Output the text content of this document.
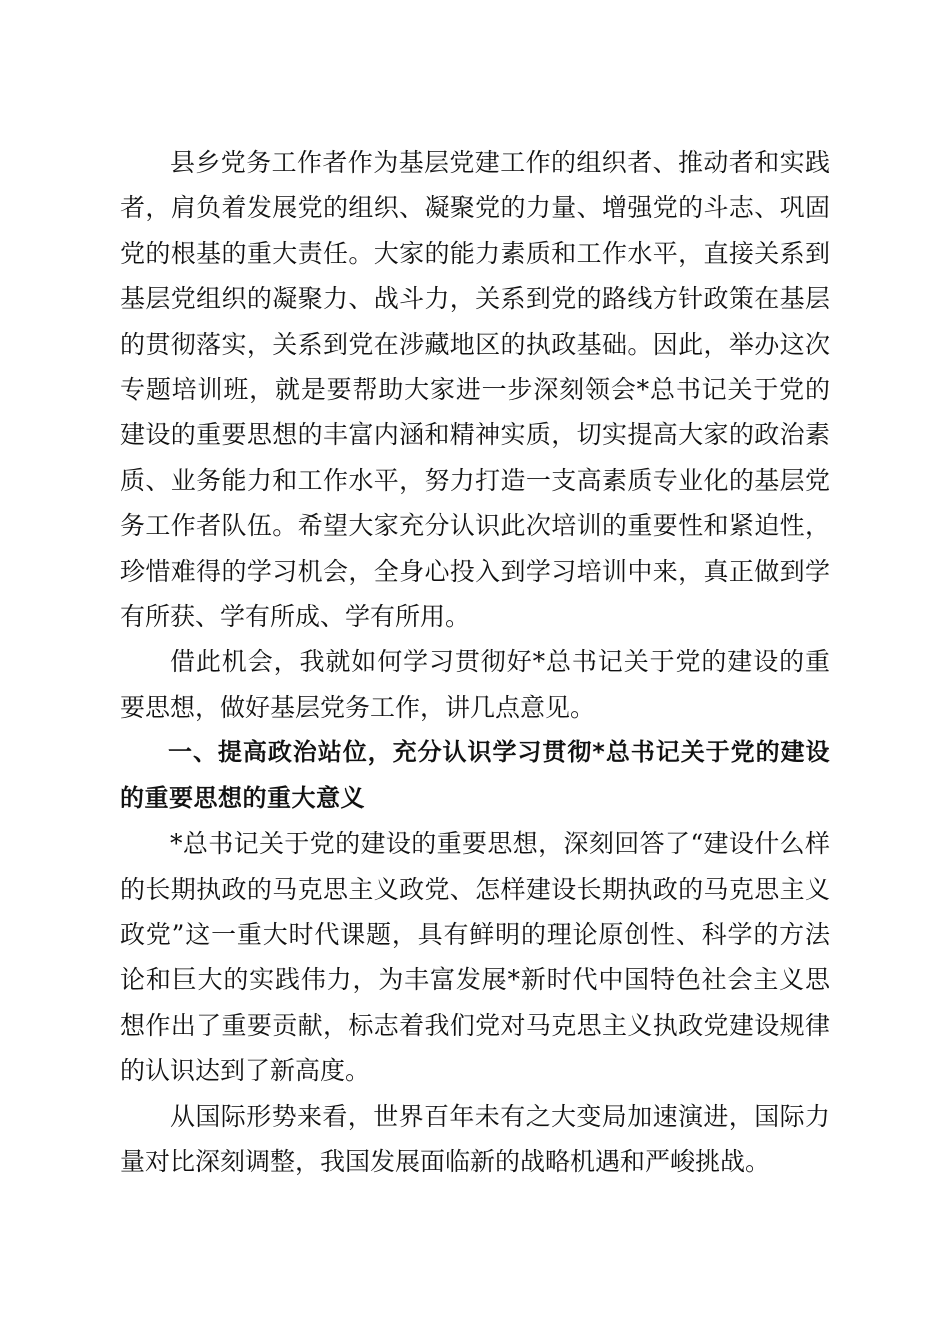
县乡党务工作者作为基层党建工作的组织者、推动者和实践者，肩负着发展党的组织、凝聚党的力量、增强党的斗志、巩固党的根基的重大责任。大家的能力素质和工作水平，直接关系到基层党组织的凝聚力、战斗力，关系到党的路线方针政策在基层的贯彻落实，关系到党在涉藏地区的执政基础。因此，举办这次专题培训班，就是要帮助大家进一步深刻领会*总书记关于党的建设的重要思想的丰富内涵和精神实质，切实提高大家的政治素质、业务能力和工作水平，努力打造一支高素质专业化的基层党务工作者队伍。希望大家充分认识此次培训的重要性和紧迫性，珍惜难得的学习机会，全身心投入到学习培训中来，真正做到学有所获、学有所成、学有所用。

借此机会，我就如何学习贯彻好*总书记关于党的建设的重要思想，做好基层党务工作，讲几点意见。

一、提高政治站位，充分认识学习贯彻*总书记关于党的建设的重要思想的重大意义

*总书记关于党的建设的重要思想，深刻回答了“建设什么样的长期执政的马克思主义政党、怎样建设长期执政的马克思主义政党”这一重大时代课题，具有鲜明的理论原创性、科学的方法论和巨大的实践伟力，为丰富发展*新时代中国特色社会主义思想作出了重要贡献，标志着我们党对马克思主义执政党建设规律的认识达到了新高度。

从国际形势来看，世界百年未有之大变局加速演进，国际力量对比深刻调整，我国发展面临新的战略机遇和严峻挑战。
